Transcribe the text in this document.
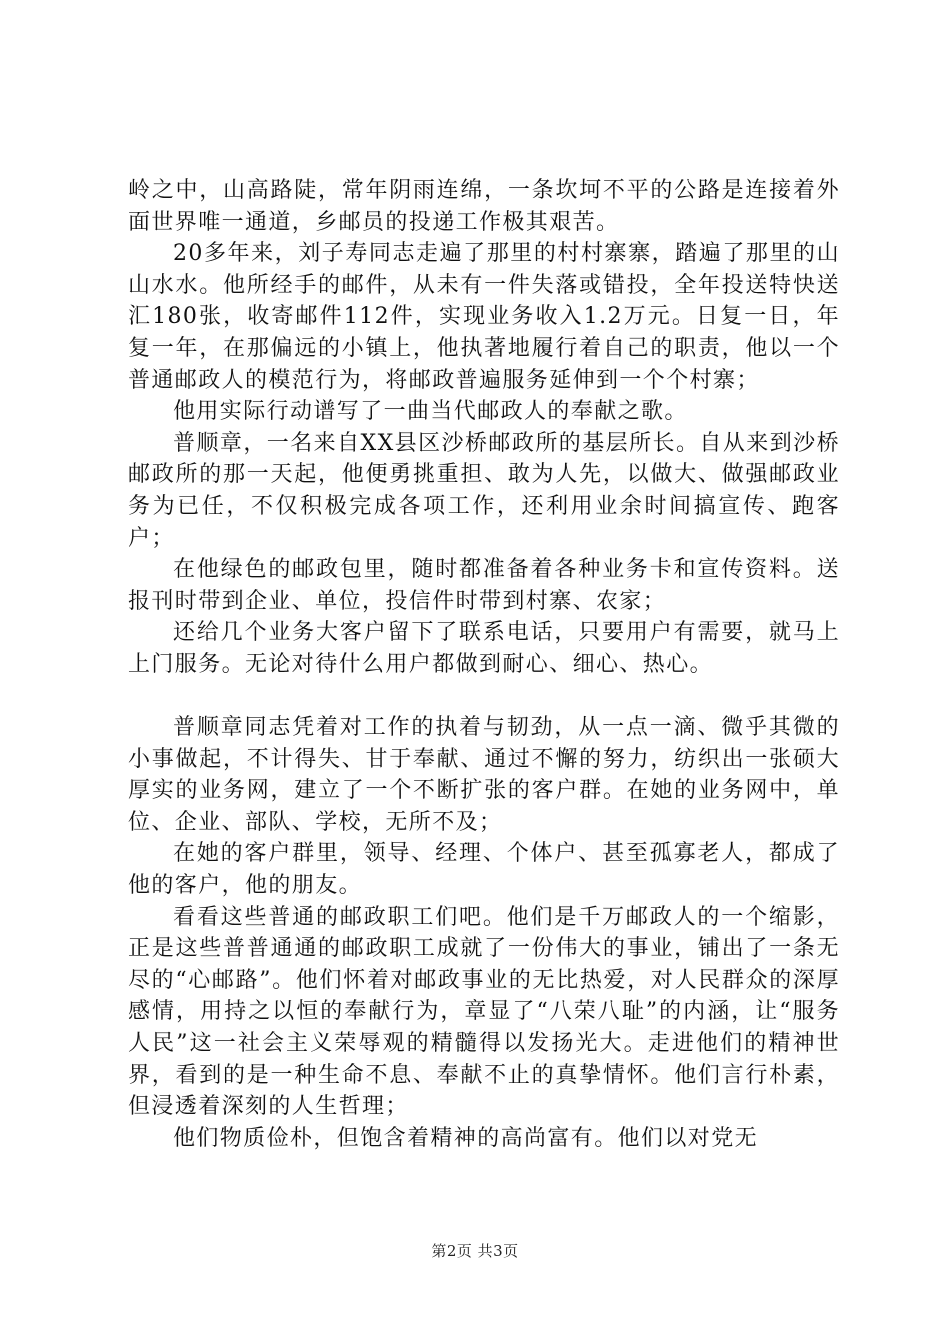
岭之中，山高路陡，常年阴雨连绵，一条坎坷不平的公路是连接着外面世界唯一通道，乡邮员的投递工作极其艰苦。

20多年来，刘子寿同志走遍了那里的村村寨寨，踏遍了那里的山山水水。他所经手的邮件，从未有一件失落或错投，全年投送特快送汇180张，收寄邮件112件，实现业务收入1.2万元。日复一日，年复一年，在那偏远的小镇上，他执著地履行着自己的职责，他以一个普通邮政人的模范行为，将邮政普遍服务延伸到一个个村寨；

他用实际行动谱写了一曲当代邮政人的奉献之歌。

普顺章，一名来自XX县区沙桥邮政所的基层所长。自从来到沙桥邮政所的那一天起，他便勇挑重担、敢为人先，以做大、做强邮政业务为已任，不仅积极完成各项工作，还利用业余时间搞宣传、跑客户；

在他绿色的邮政包里，随时都准备着各种业务卡和宣传资料。送报刊时带到企业、单位，投信件时带到村寨、农家；

还给几个业务大客户留下了联系电话，只要用户有需要，就马上上门服务。无论对待什么用户都做到耐心、细心、热心。

普顺章同志凭着对工作的执着与韧劲，从一点一滴、微乎其微的小事做起，不计得失、甘于奉献、通过不懈的努力，纺织出一张硕大厚实的业务网，建立了一个不断扩张的客户群。在她的业务网中，单位、企业、部队、学校，无所不及；

在她的客户群里，领导、经理、个体户、甚至孤寡老人，都成了他的客户，他的朋友。

看看这些普通的邮政职工们吧。他们是千万邮政人的一个缩影，正是这些普普通通的邮政职工成就了一份伟大的事业，铺出了一条无尽的“心邮路”。他们怀着对邮政事业的无比热爱，对人民群众的深厚感情，用持之以恒的奉献行为，章显了“八荣八耻”的内涵，让“服务人民”这一社会主义荣辱观的精髓得以发扬光大。走进他们的精神世界，看到的是一种生命不息、奉献不止的真挚情怀。他们言行朴素，但浸透着深刻的人生哲理；

他们物质俭朴，但饱含着精神的高尚富有。他们以对党无

第2页 共3页
